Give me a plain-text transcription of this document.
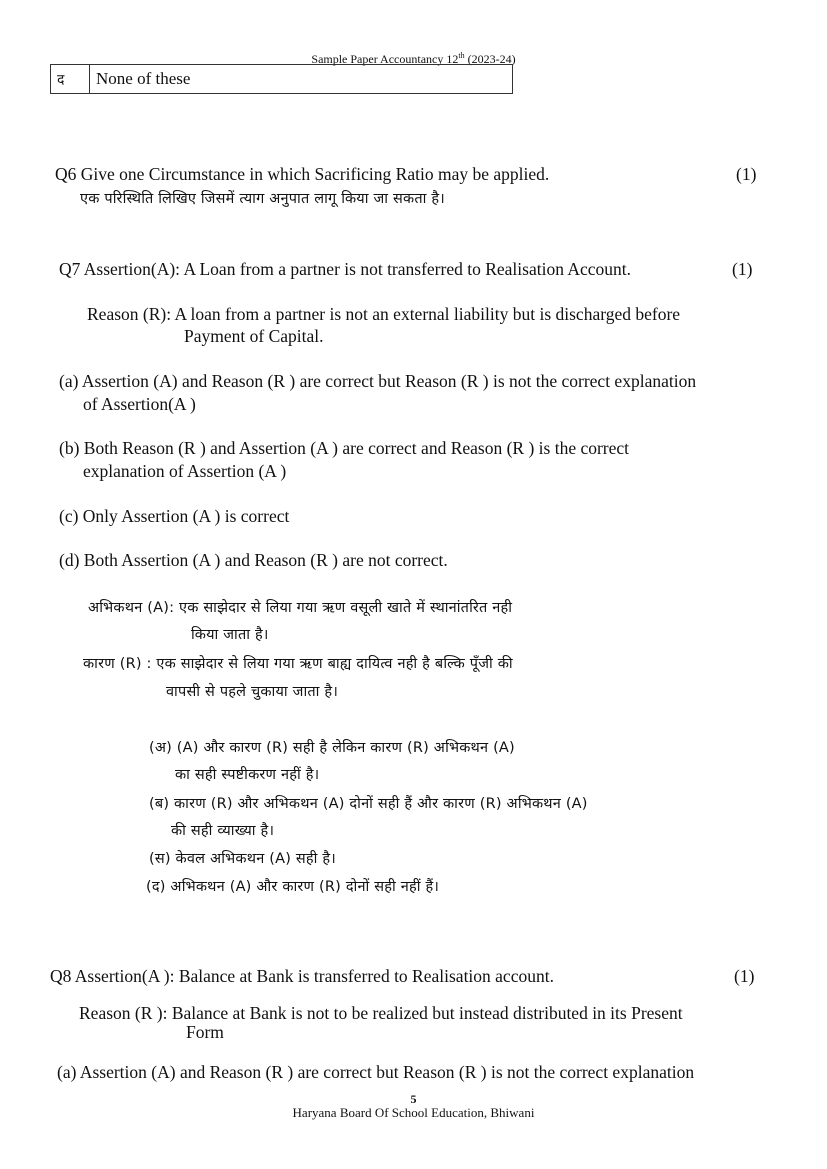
Sample Paper Accountancy 12th (2023-24)
द	None of these
Q6 Give one Circumstance in which Sacrificing Ratio may be applied.	(1)
एक परिस्थिति लिखिए जिसमें त्याग अनुपात लागू किया जा सकता है।
Q7 Assertion(A): A Loan from a partner is not transferred to Realisation Account.	(1)
Reason (R): A loan from a partner is not an external liability but is discharged before
Payment of Capital.
(a) Assertion (A) and Reason (R ) are correct but Reason (R ) is not the correct explanation
of Assertion(A )
(b) Both Reason (R ) and Assertion (A ) are correct and Reason (R ) is the correct
explanation of Assertion (A )
(c) Only Assertion (A ) is correct
(d) Both Assertion (A ) and Reason (R ) are not correct.
अभिकथन (A): एक साझेदार से लिया गया ऋण वसूली खाते में स्थानांतरित नही
किया जाता है।
कारण (R) : एक साझेदार से लिया गया ऋण बाह्य दायित्व नही है बल्कि पूँजी की
वापसी से पहले चुकाया जाता है।
(अ) (A) और कारण (R) सही है लेकिन कारण (R) अभिकथन (A)
का सही स्पष्टीकरण नहीं है।
(ब) कारण (R) और अभिकथन (A) दोनों सही हैं और कारण (R) अभिकथन (A)
की सही व्याख्या है।
(स) केवल अभिकथन (A) सही है।
(द) अभिकथन (A) और कारण (R) दोनों सही नहीं हैं।
Q8 Assertion(A ): Balance at Bank is transferred to Realisation account.	(1)
Reason (R ): Balance at Bank is not to be realized but instead distributed in its Present
Form
(a) Assertion (A) and Reason (R ) are correct but Reason (R ) is not the correct explanation
5
Haryana Board Of School Education, Bhiwani
